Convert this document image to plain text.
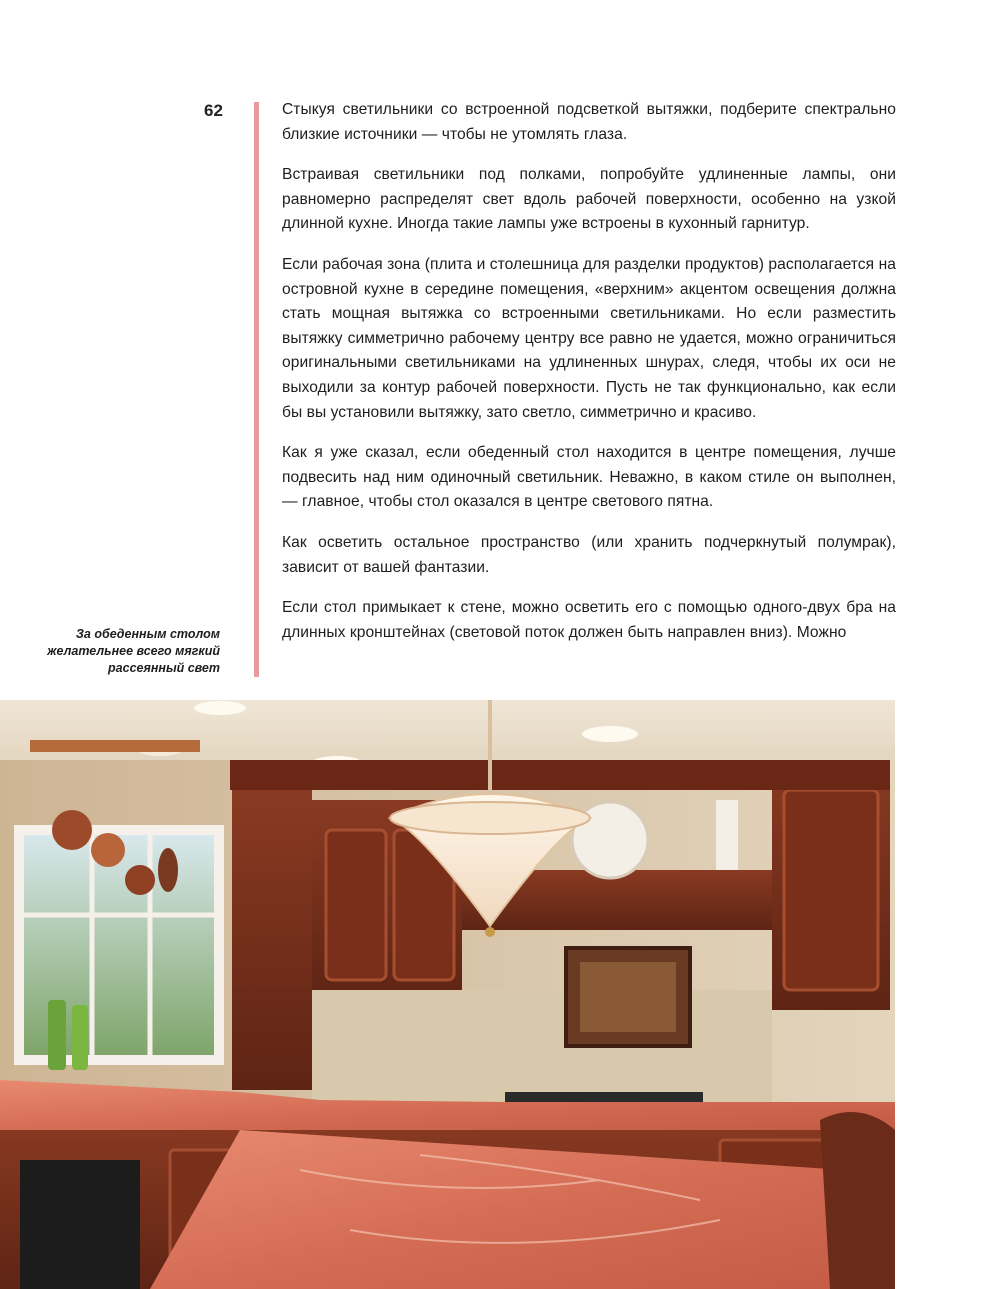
62	Стыкуя светильники со встроенной подсветкой вытяжки, подберите спектрально близкие источники — чтобы не утомлять глаза.

Встраивая светильники под полками, попробуйте удлиненные лампы, они равномерно распределят свет вдоль рабочей поверхности, особенно на узкой длинной кухне. Иногда такие лампы уже встроены в кухонный гарнитур.

Если рабочая зона (плита и столешница для разделки продуктов) располагается на островной кухне в середине помещения, «верхним» акцентом освещения должна стать мощная вытяжка со встроенными светильниками. Но если разместить вытяжку симметрично рабочему центру все равно не удается, можно ограничиться оригинальными светильниками на удлиненных шнурах, следя, чтобы их оси не выходили за контур рабочей поверхности. Пусть не так функционально, как если бы вы установили вытяжку, зато светло, симметрично и красиво.

Как я уже сказал, если обеденный стол находится в центре помещения, лучше подвесить над ним одиночный светильник. Неважно, в каком стиле он выполнен, — главное, чтобы стол оказался в центре светового пятна.

Как осветить остальное пространство (или хранить подчеркнутый полумрак), зависит от вашей фантазии.

Если стол примыкает к стене, можно осветить его с помощью одного-двух бра на длинных кронштейнах (световой поток должен быть направлен вниз). Можно

За обеденным столом желательнее всего мягкий рассеянный свет
